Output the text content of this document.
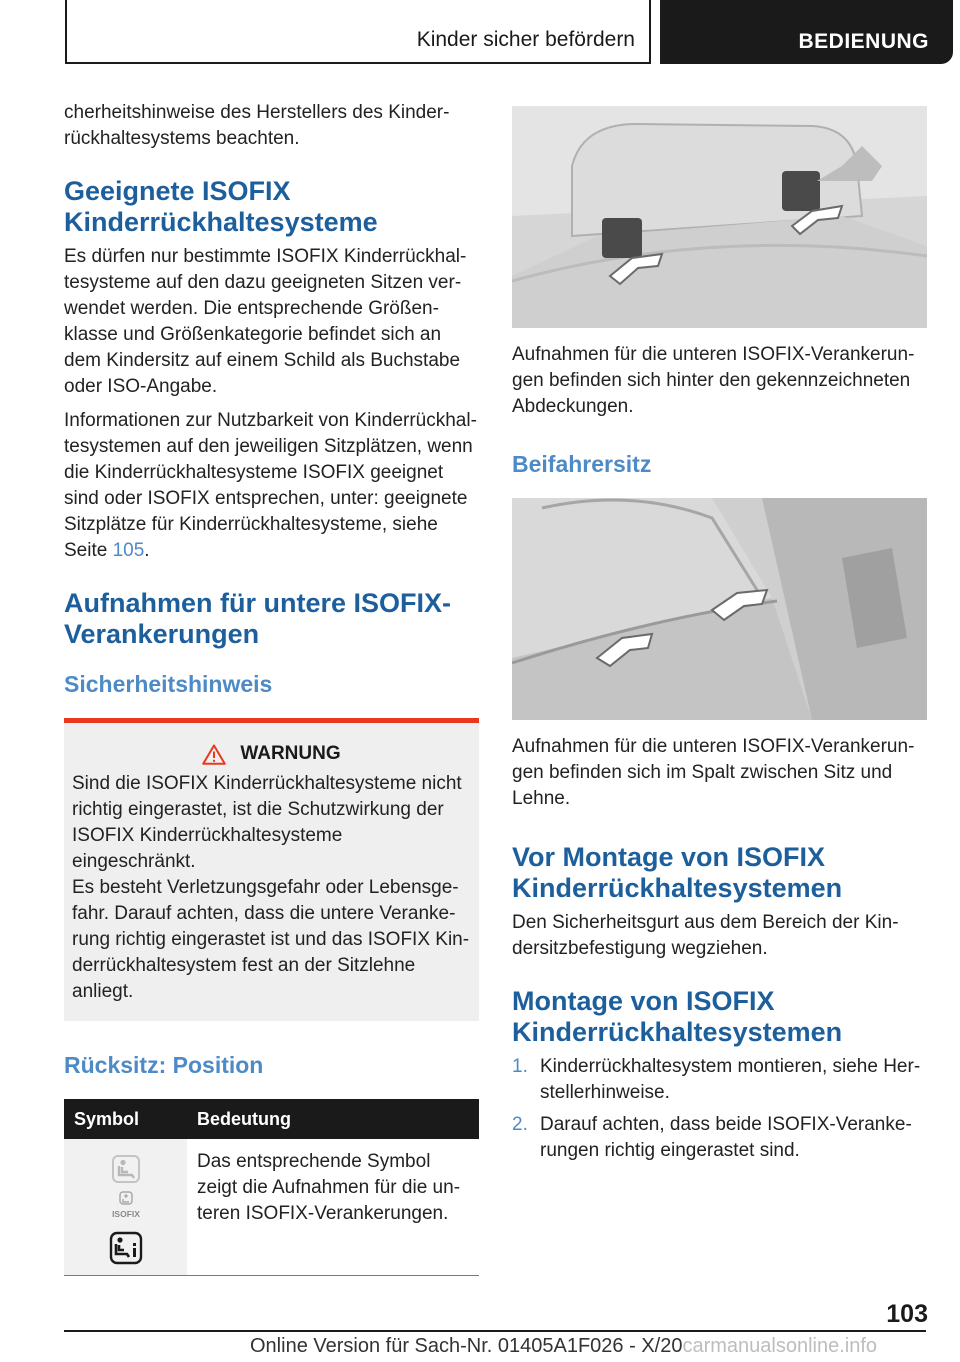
Kinder sicher befördern	BEDIENUNG

cherheitshinweise des Herstellers des Kinderrückhaltesystems beachten.

Geeignete ISOFIX Kinderrückhaltesysteme

Es dürfen nur bestimmte ISOFIX Kinderrückhaltesysteme auf den dazu geeigneten Sitzen verwendet werden. Die entsprechende Größenklasse und Größenkategorie befindet sich an dem Kindersitz auf einem Schild als Buchstabe oder ISO-Angabe.

Informationen zur Nutzbarkeit von Kinderrückhaltesystemen auf den jeweiligen Sitzplätzen, wenn die Kinderrückhaltesysteme ISOFIX geeignet sind oder ISOFIX entsprechen, unter: geeignete Sitzplätze für Kinderrückhaltesysteme, siehe Seite 105.

Aufnahmen für untere ISOFIX-Verankerungen
Sicherheitshinweis
WARNUNG

Sind die ISOFIX Kinderrückhaltesysteme nicht richtig eingerastet, ist die Schutzwirkung der ISOFIX Kinderrückhaltesysteme eingeschränkt.

Es besteht Verletzungsgefahr oder Lebensgefahr. Darauf achten, dass die untere Verankerung richtig eingerastet ist und das ISOFIX Kinderrückhaltesystem fest an der Sitzlehne anliegt.

Rücksitz: Position
Symbol	Bedeutung

ISOFIX	Das entsprechende Symbol zeigt die Aufnahmen für die unteren ISOFIX-Verankerungen.

Aufnahmen für die unteren ISOFIX-Verankerungen befinden sich hinter den gekennzeichneten Abdeckungen.

Beifahrersitz

Aufnahmen für die unteren ISOFIX-Verankerungen befinden sich im Spalt zwischen Sitz und Lehne.

Vor Montage von ISOFIX Kinderrückhaltesystemen

Den Sicherheitsgurt aus dem Bereich der Kindersitzbefestigung wegziehen.

Montage von ISOFIX Kinderrückhaltesystemen
1. Kinderrückhaltesystem montieren, siehe Herstellerhinweise.
2. Darauf achten, dass beide ISOFIX-Verankerungen richtig eingerastet sind.
103
Online Version für Sach-Nr. 01405A1F026 - X/20carmanualsonline.info
